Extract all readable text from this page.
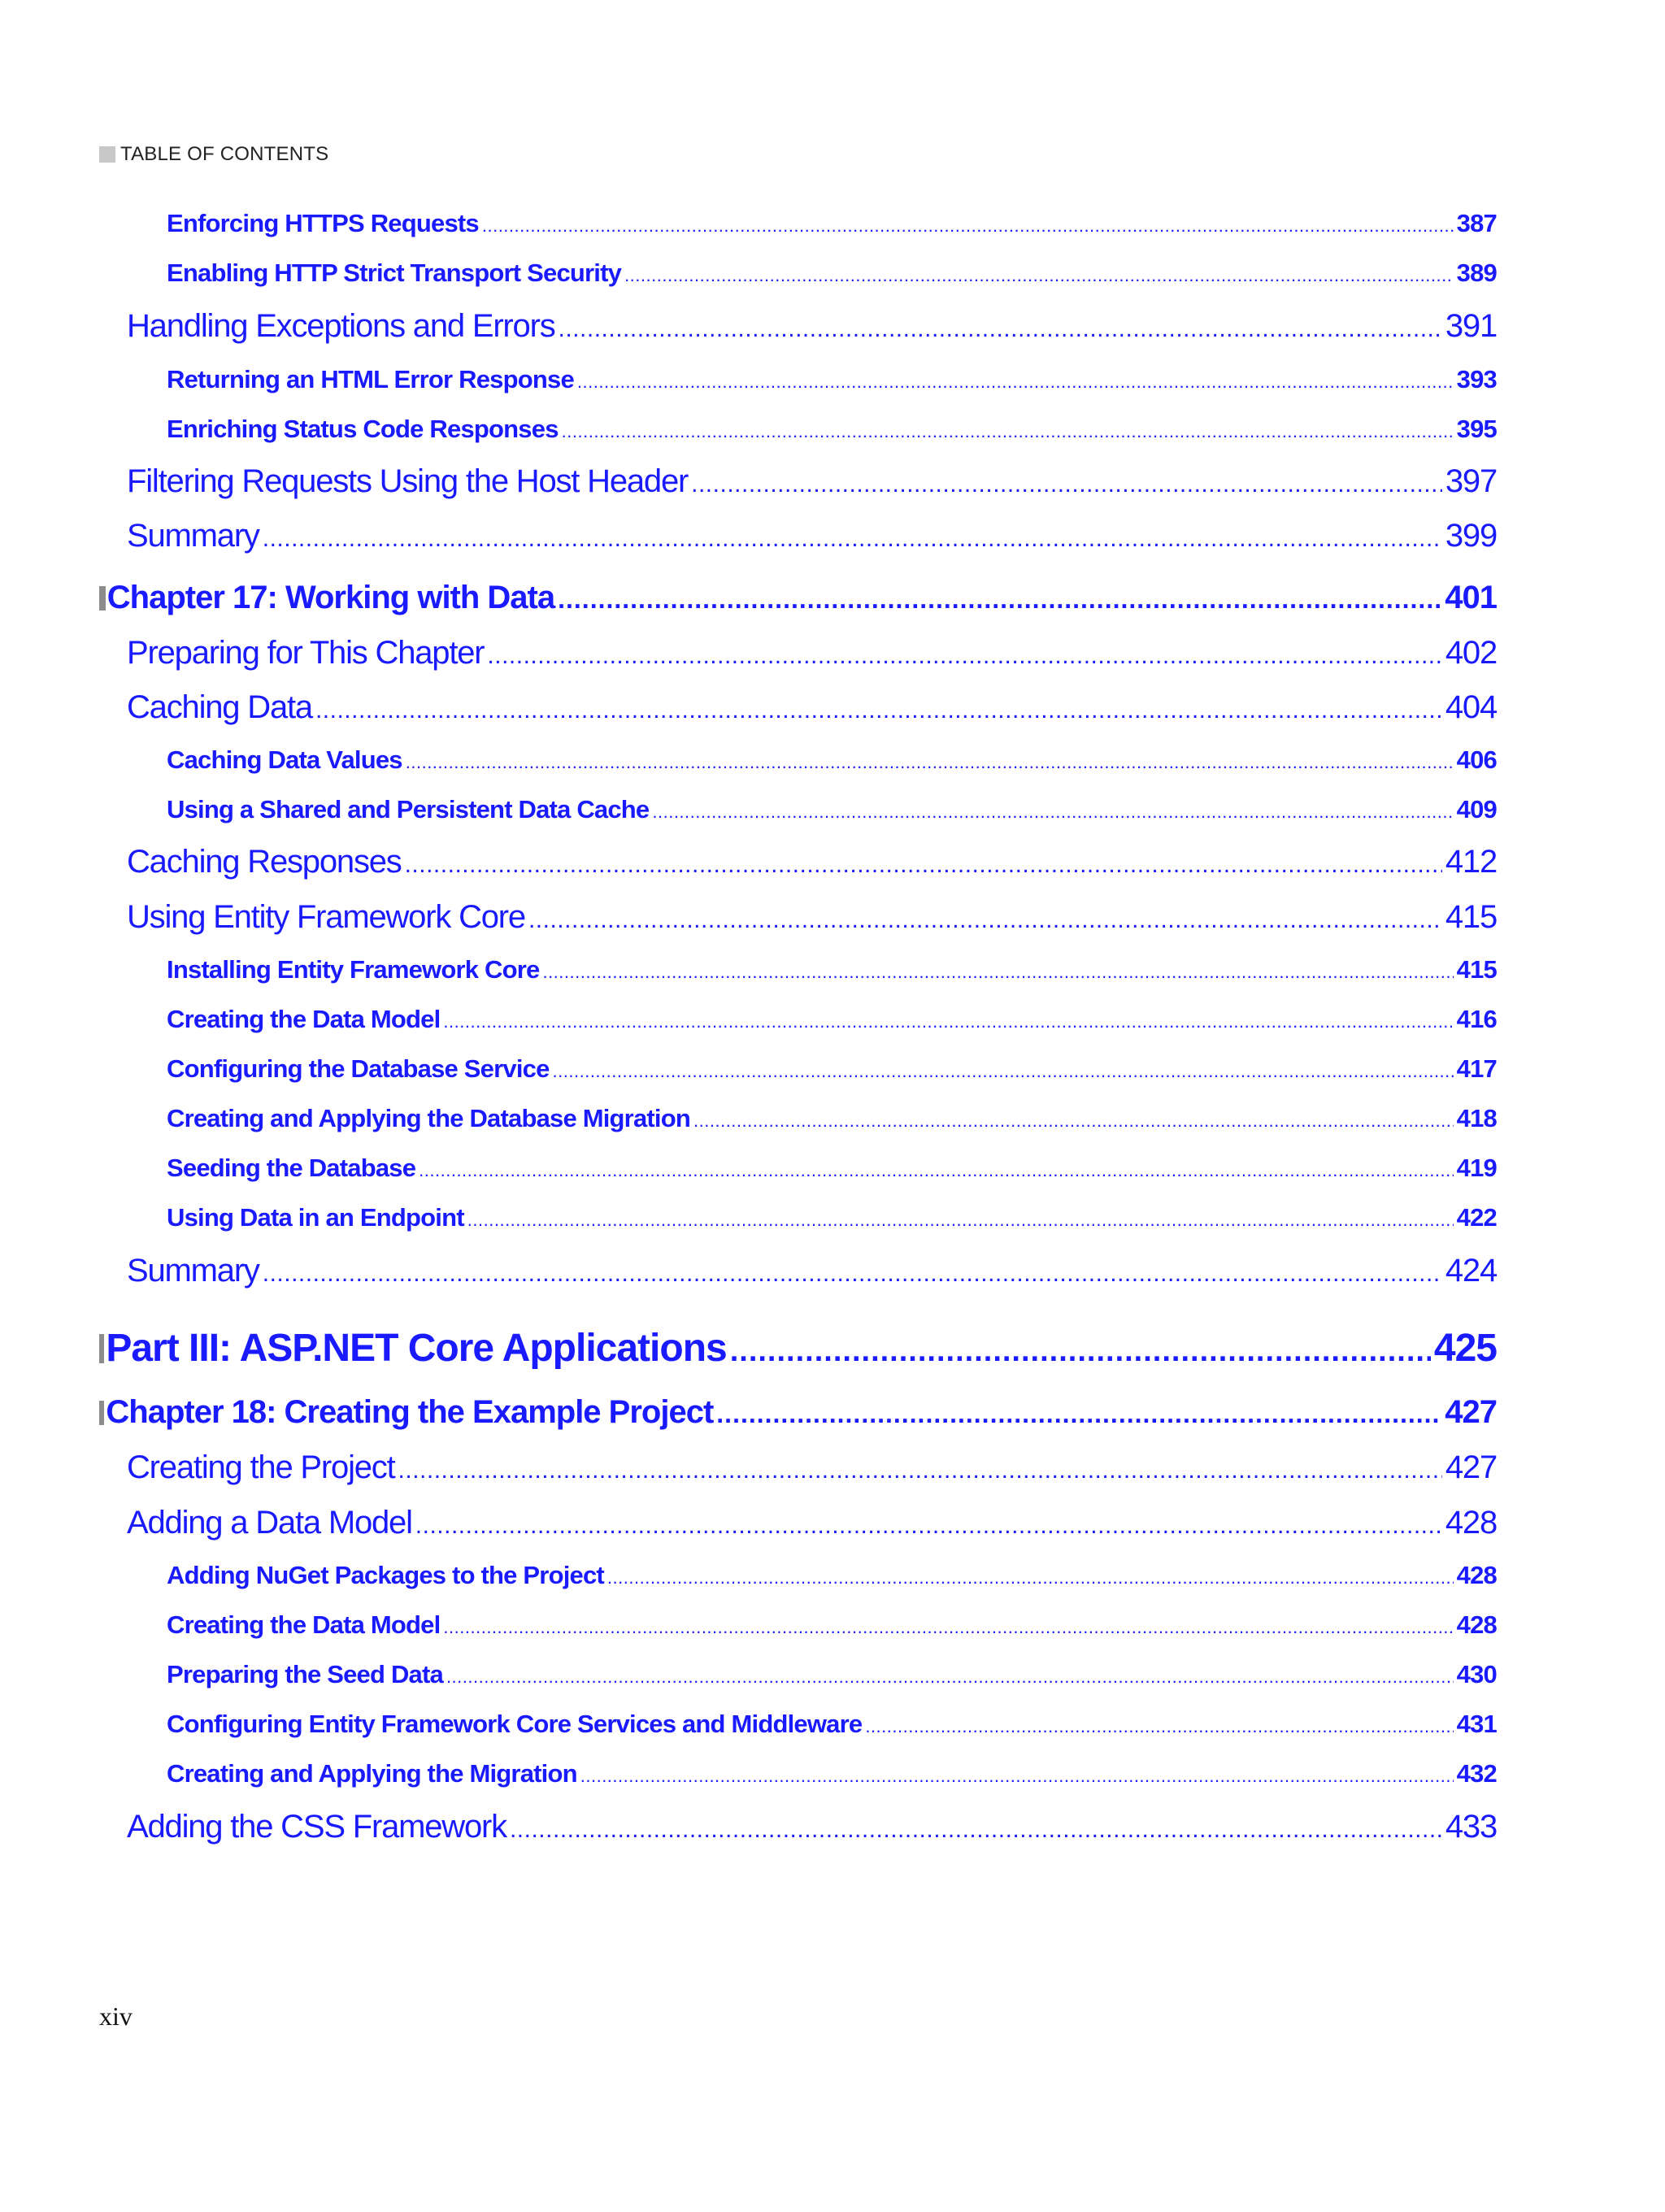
TABLE OF CONTENTS
Enforcing HTTPS Requests .....	387
Enabling HTTP Strict Transport Security .....	389
Handling Exceptions and Errors .....	391
Returning an HTML Error Response .....	393
Enriching Status Code Responses .....	395
Filtering Requests Using the Host Header .....	397
Summary .....	399
Chapter 17: Working with Data .....	401
Preparing for This Chapter .....	402
Caching Data .....	404
Caching Data Values .....	406
Using a Shared and Persistent Data Cache .....	409
Caching Responses .....	412
Using Entity Framework Core .....	415
Installing Entity Framework Core .....	415
Creating the Data Model .....	416
Configuring the Database Service .....	417
Creating and Applying the Database Migration .....	418
Seeding the Database .....	419
Using Data in an Endpoint .....	422
Summary .....	424
Part III: ASP.NET Core Applications .....	425
Chapter 18: Creating the Example Project .....	427
Creating the Project .....	427
Adding a Data Model .....	428
Adding NuGet Packages to the Project .....	428
Creating the Data Model .....	428
Preparing the Seed Data .....	430
Configuring Entity Framework Core Services and Middleware .....	431
Creating and Applying the Migration .....	432
Adding the CSS Framework .....	433
xiv
